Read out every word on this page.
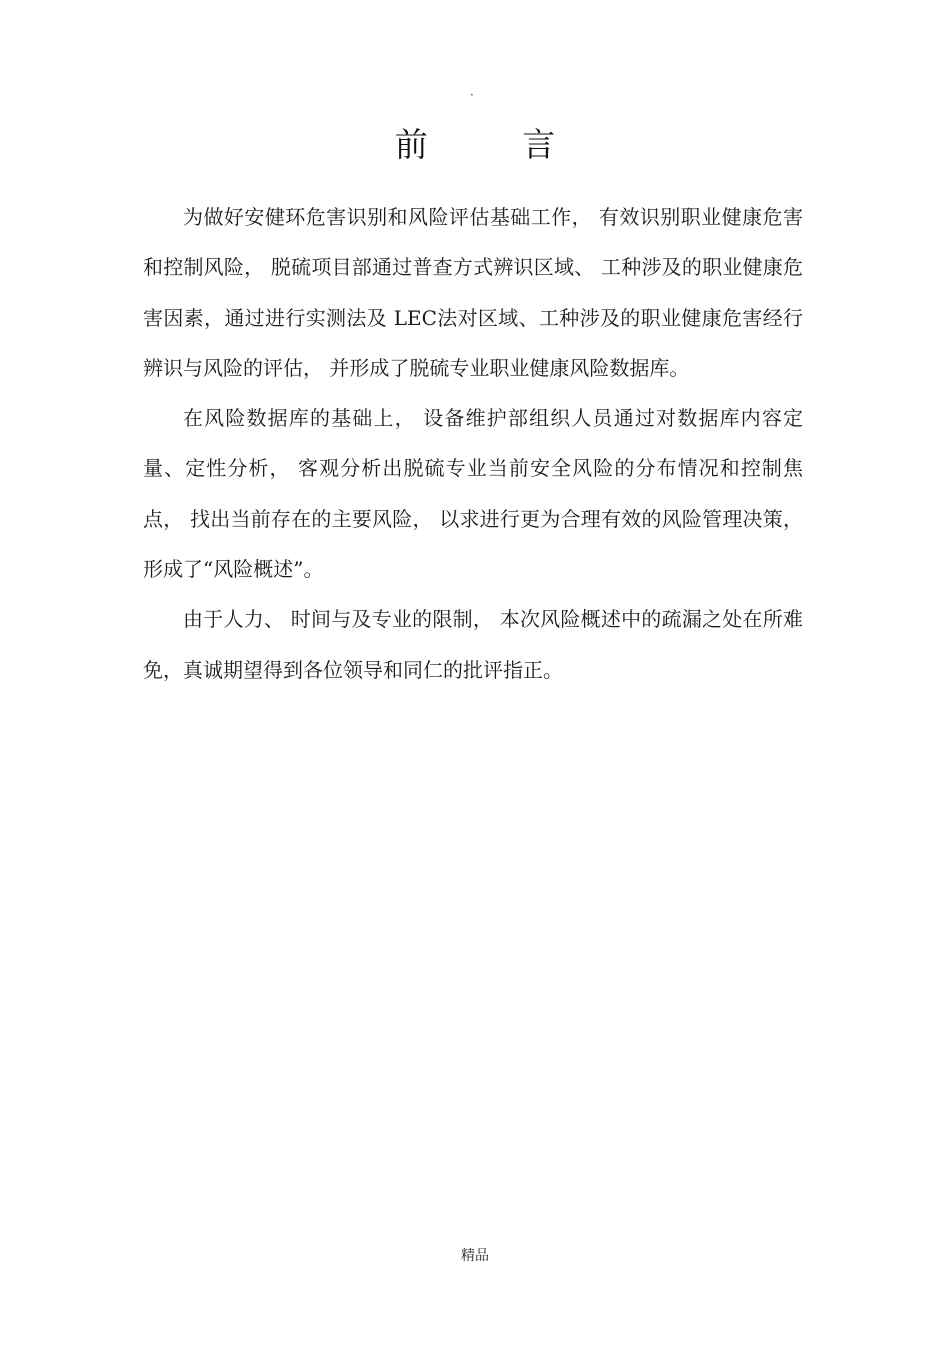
·
前 言

为做好安健环危害识别和风险评估基础工作， 有效识别职业健康危害和控制风险， 脱硫项目部通过普查方式辨识区域、 工种涉及的职业健康危害因素，通过进行实测法及 LEC法对区域、工种涉及的职业健康危害经行辨识与风险的评估， 并形成了脱硫专业职业健康风险数据库。

在风险数据库的基础上， 设备维护部组织人员通过对数据库内容定量、定性分析， 客观分析出脱硫专业当前安全风险的分布情况和控制焦点， 找出当前存在的主要风险， 以求进行更为合理有效的风险管理决策，形成了“风险概述”。

由于人力、 时间与及专业的限制， 本次风险概述中的疏漏之处在所难免，真诚期望得到各位领导和同仁的批评指正。

精品
